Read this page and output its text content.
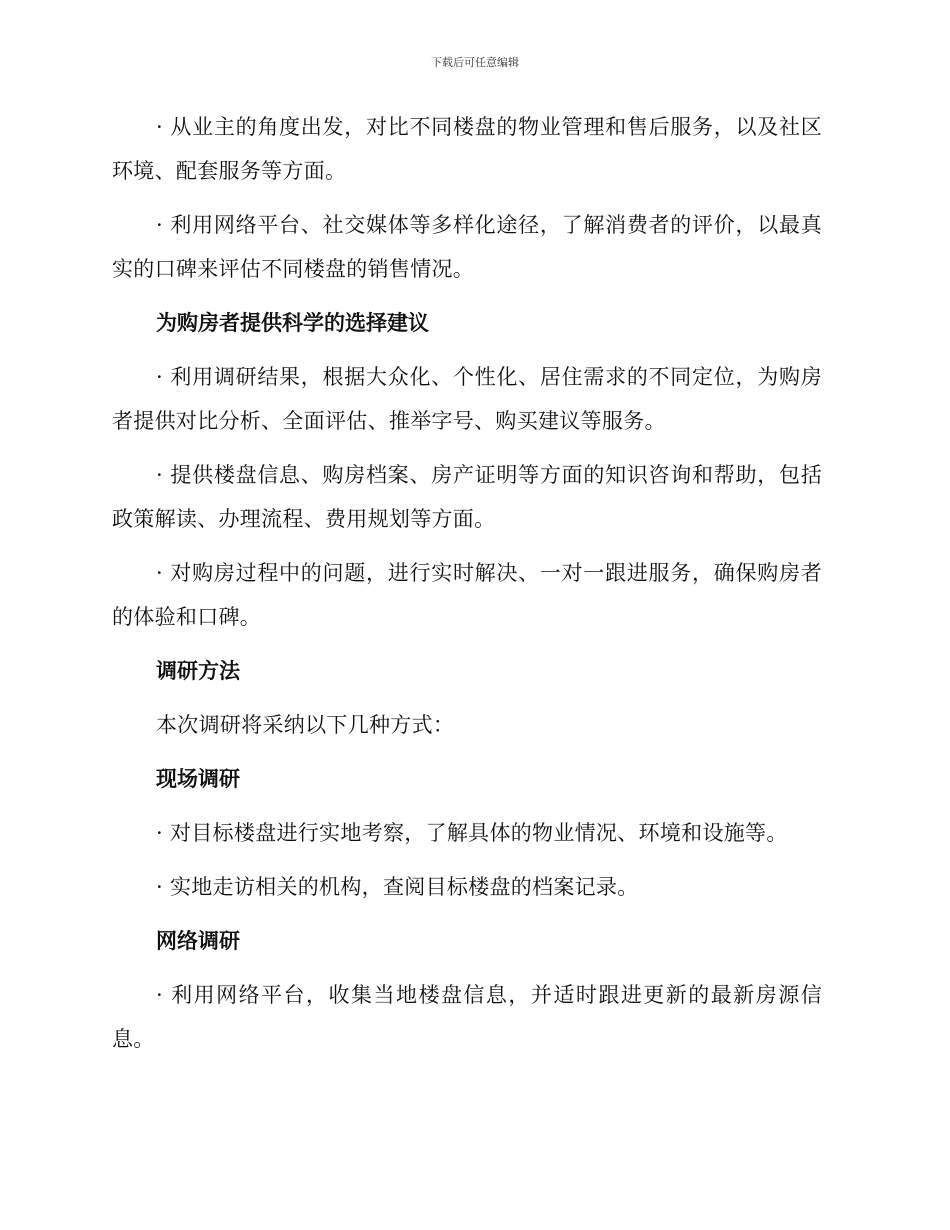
下载后可任意编辑

· 从业主的角度出发，对比不同楼盘的物业管理和售后服务，以及社区环境、配套服务等方面。

· 利用网络平台、社交媒体等多样化途径，了解消费者的评价，以最真实的口碑来评估不同楼盘的销售情况。

为购房者提供科学的选择建议

· 利用调研结果，根据大众化、个性化、居住需求的不同定位，为购房者提供对比分析、全面评估、推举字号、购买建议等服务。

· 提供楼盘信息、购房档案、房产证明等方面的知识咨询和帮助，包括政策解读、办理流程、费用规划等方面。

· 对购房过程中的问题，进行实时解决、一对一跟进服务，确保购房者的体验和口碑。

调研方法

本次调研将采纳以下几种方式：

现场调研

· 对目标楼盘进行实地考察，了解具体的物业情况、环境和设施等。

· 实地走访相关的机构，查阅目标楼盘的档案记录。

网络调研

· 利用网络平台，收集当地楼盘信息，并适时跟进更新的最新房源信息。
